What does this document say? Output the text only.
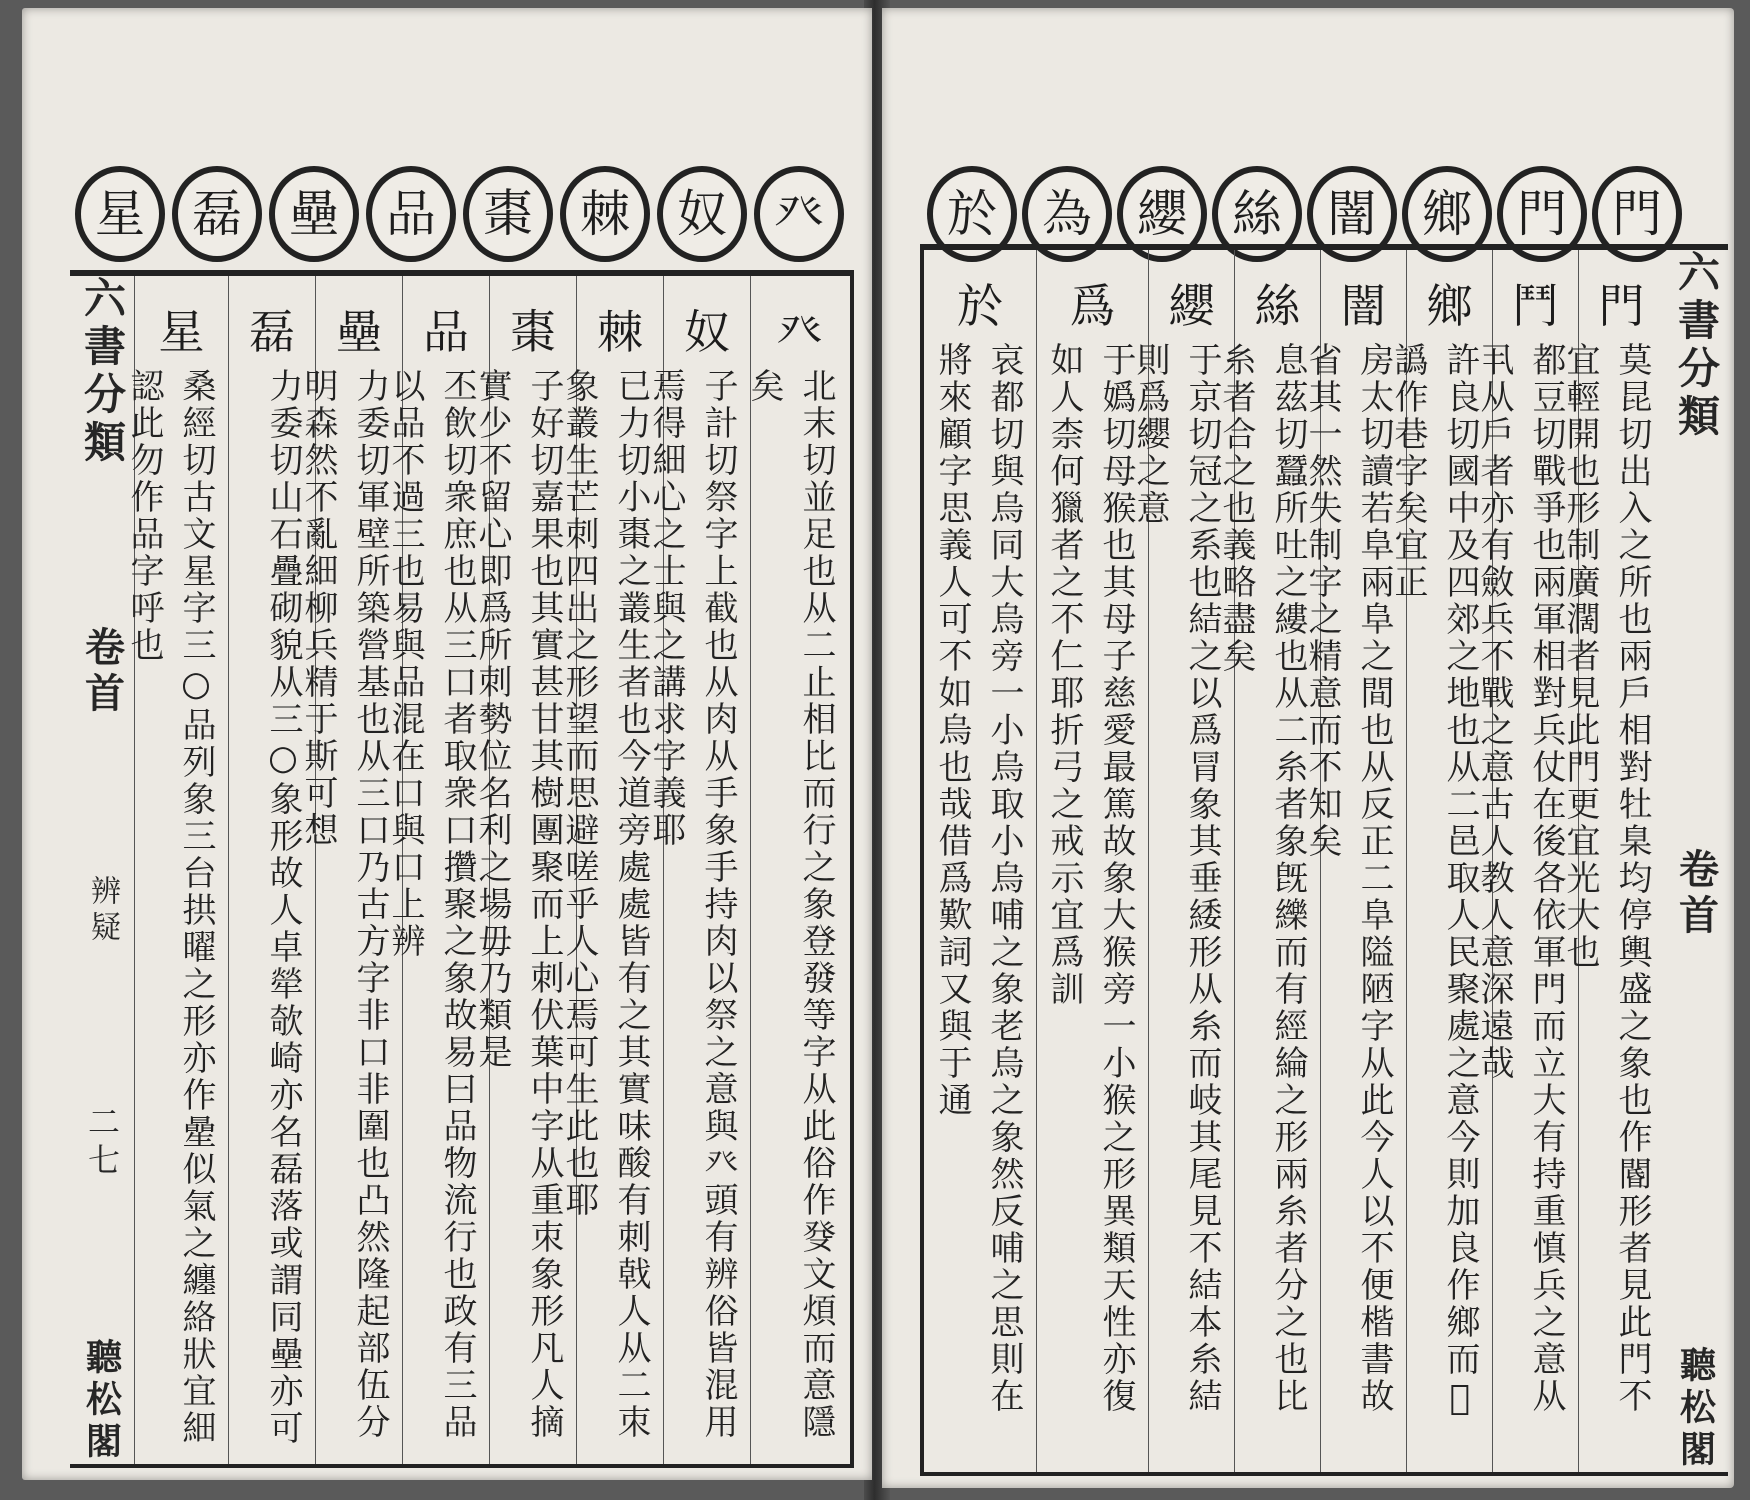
癶
奴
棘
棗
品
壘
磊
星
六書分類
卷首
辨疑
二七
聽松閣
癶
北末切並足也从二止相比而行之象登發等字从此俗作癹文煩而意隱矣
奴
子計切祭字上截也从肉从手象手持肉以祭之意與癶頭有辨俗皆混用焉得細心之士與之講求字義耶
棘
已力切小棗之叢生者也今道旁處處皆有之其實味酸有刺戟人从二朿象叢生芒刺四出之形望而思避嗟乎人心焉可生此也耶
棗
子好切嘉果也其實甚甘其樹團聚而上刺伏葉中字从重朿象形凡人摘實少不留心即爲所刺勢位名利之場毋乃類是
品
丕飲切衆庶也从三口者取衆口攢聚之象故易曰品物流行也政有三品以品不過三也易與品混在口與口上辨
壘
力委切軍壁所築營基也从三口乃古方字非口非圍也凸然隆起部伍分明森然不亂細柳兵精于斯可想
磊
力委切山石疊砌貌从三○象形故人卓犖欹崎亦名磊落或謂同壘亦可
星
桑經切古文星字三○品列象三台拱曜之形亦作曐似氣之纏絡狀宜細認此勿作品字呼也
門
門
鄉
闇
絲
纓
為
於
六書分類
卷首
聽松閣
門
莫昆切出入之所也兩戶相對牡臬均停輿盛之象也作閽形者見此門不宜輕開也形制廣濶者見此門更宜光大也
鬥
都豆切戰爭也兩軍相對兵仗在後各依軍門而立大有持重慎兵之意从丮从戶者亦有斂兵不戰之意古人教人意深遠哉
鄉
許良切國中及四郊之地也从二邑取人民聚處之意今則加良作鄉而𨛜譌作巷字矣宜正
闇
房太切讀若阜兩阜之間也从反正二阜隘陋字从此今人以不便楷書故省其一然失制字之精意而不知矣
絲
息茲切蠶所吐之縷也从二糸者象旣纅而有經綸之形兩糸者分之也比糸者合之也義略盡矣
纓
于京切冠之系也結之以爲冐象其垂緌形从糸而岐其尾見不結本糸結則爲纓之意
爲
于嬀切母猴也其母子慈愛最篤故象大猴旁一小猴之形異類天性亦復如人柰何獵者之不仁耶折弓之戒示宜爲訓
於
哀都切與烏同大烏旁一小烏取小烏哺之象老烏之象然反哺之思則在將來顧字思義人可不如烏也哉借爲歎詞又與于通
